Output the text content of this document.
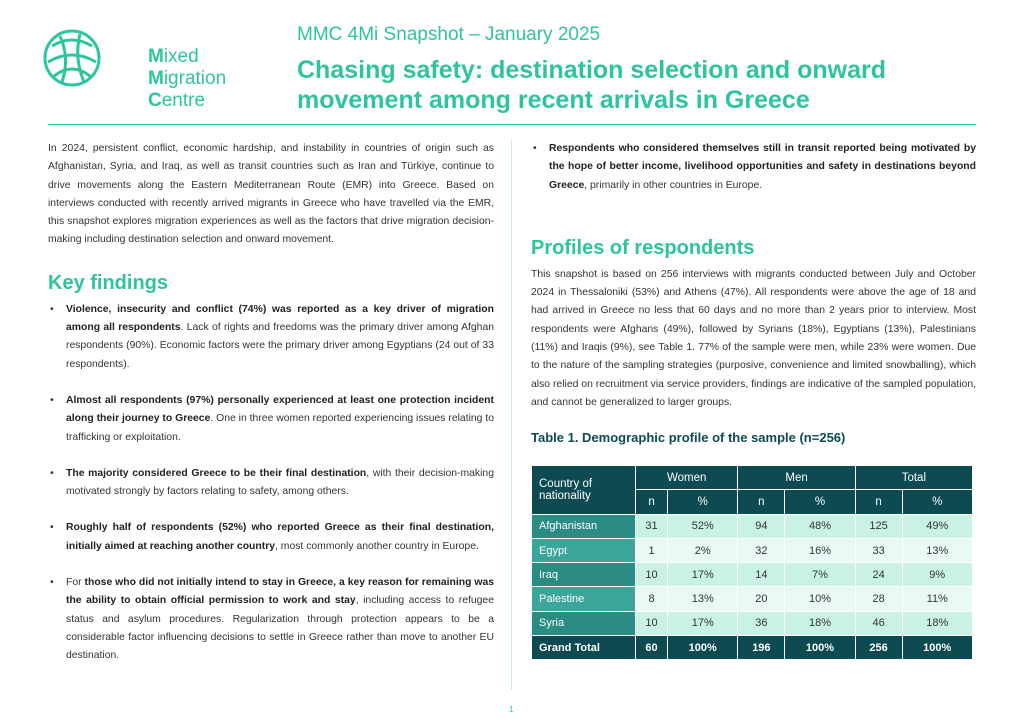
Mixed
Migration
Centre
MMC 4Mi Snapshot – January 2025
Chasing safety: destination selection and onward movement among recent arrivals in Greece

In 2024, persistent conflict, economic hardship, and instability in countries of origin such as Afghanistan, Syria, and Iraq, as well as transit countries such as Iran and Türkiye, continue to drive movements along the Eastern Mediterranean Route (EMR) into Greece. Based on interviews conducted with recently arrived migrants in Greece who have travelled via the EMR, this snapshot explores migration experiences as well as the factors that drive migration decision-making including destination selection and onward movement.

Key findings
• Violence, insecurity and conflict (74%) was reported as a key driver of migration among all respondents. Lack of rights and freedoms was the primary driver among Afghan respondents (90%). Economic factors were the primary driver among Egyptians (24 out of 33 respondents).
• Almost all respondents (97%) personally experienced at least one protection incident along their journey to Greece. One in three women reported experiencing issues relating to trafficking or exploitation.
• The majority considered Greece to be their final destination, with their decision-making motivated strongly by factors relating to safety, among others.
• Roughly half of respondents (52%) who reported Greece as their final destination, initially aimed at reaching another country, most commonly another country in Europe.
• For those who did not initially intend to stay in Greece, a key reason for remaining was the ability to obtain official permission to work and stay, including access to refugee status and asylum procedures. Regularization through protection appears to be a considerable factor influencing decisions to settle in Greece rather than move to another EU destination.
• Respondents who considered themselves still in transit reported being motivated by the hope of better income, livelihood opportunities and safety in destinations beyond Greece, primarily in other countries in Europe.
Profiles of respondents

This snapshot is based on 256 interviews with migrants conducted between July and October 2024 in Thessaloniki (53%) and Athens (47%). All respondents were above the age of 18 and had arrived in Greece no less that 60 days and no more than 2 years prior to interview. Most respondents were Afghans (49%), followed by Syrians (18%), Egyptians (13%), Palestinians (11%) and Iraqis (9%), see Table 1. 77% of the sample were men, while 23% were women. Due to the nature of the sampling strategies (purposive, convenience and limited snowballing), which also relied on recruitment via service providers, findings are indicative of the sampled population, and cannot be generalized to larger groups.

Table 1. Demographic profile of the sample (n=256)
Country of nationality	Women		Men		Total	
	n	%	n	%	n	%
Afghanistan	31	52%	94	48%	125	49%
Egypt	1	2%	32	16%	33	13%
Iraq	10	17%	14	7%	24	9%
Palestine	8	13%	20	10%	28	11%
Syria	10	17%	36	18%	46	18%
Grand Total	60	100%	196	100%	256	100%
1
